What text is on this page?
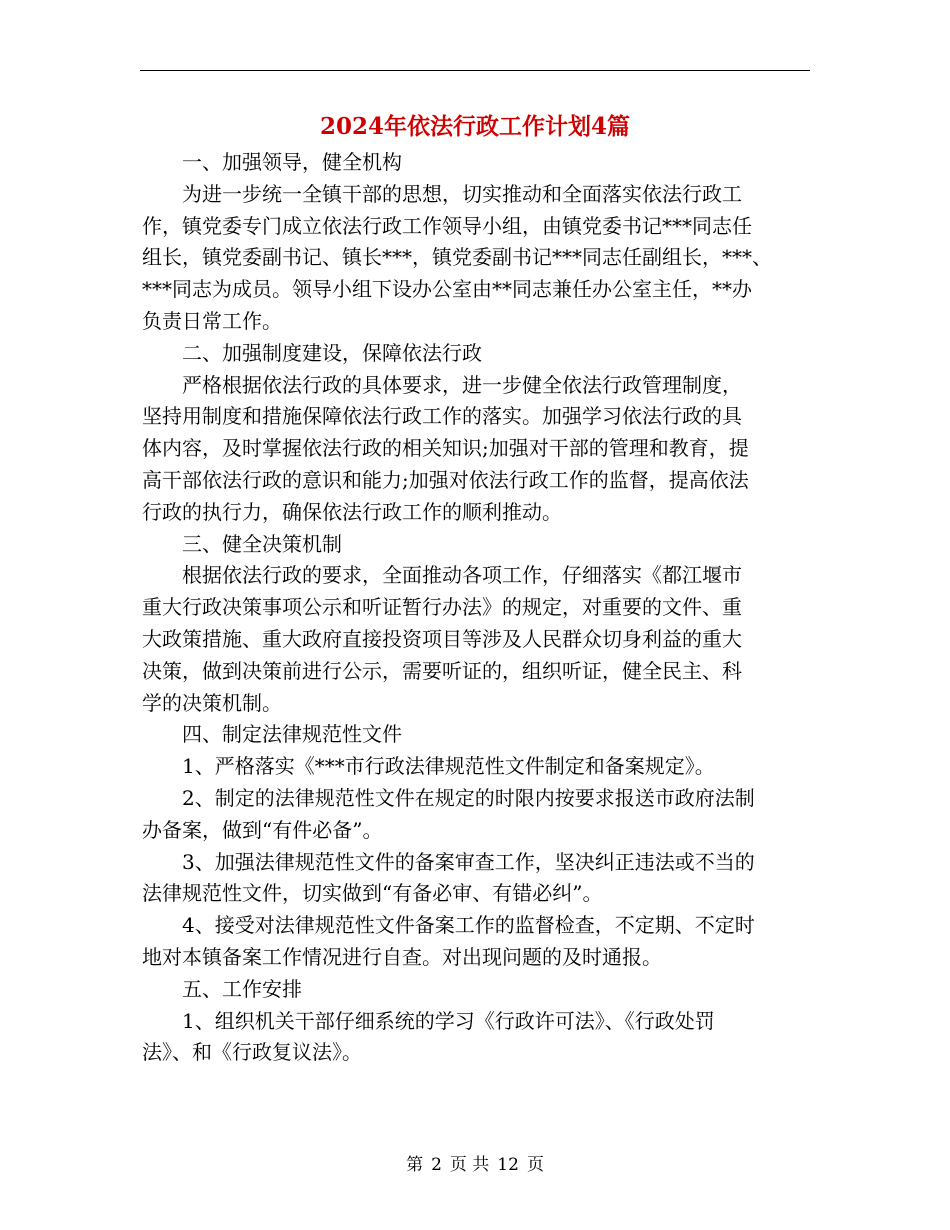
2024年依法行政工作计划4篇

一、加强领导，健全机构

为进一步统一全镇干部的思想，切实推动和全面落实依法行政工
作，镇党委专门成立依法行政工作领导小组，由镇党委书记***同志任
组长，镇党委副书记、镇长***，镇党委副书记***同志任副组长，***、
***同志为成员。领导小组下设办公室由**同志兼任办公室主任，**办
负责日常工作。

二、加强制度建设，保障依法行政

严格根据依法行政的具体要求，进一步健全依法行政管理制度，
坚持用制度和措施保障依法行政工作的落实。加强学习依法行政的具
体内容，及时掌握依法行政的相关知识;加强对干部的管理和教育，提
高干部依法行政的意识和能力;加强对依法行政工作的监督，提高依法
行政的执行力，确保依法行政工作的顺利推动。

三、健全决策机制

根据依法行政的要求，全面推动各项工作，仔细落实《都江堰市
重大行政决策事项公示和听证暂行办法》的规定，对重要的文件、重
大政策措施、重大政府直接投资项目等涉及人民群众切身利益的重大
决策，做到决策前进行公示，需要听证的，组织听证，健全民主、科
学的决策机制。

四、制定法律规范性文件

1、严格落实《***市行政法律规范性文件制定和备案规定》。

2、制定的法律规范性文件在规定的时限内按要求报送市政府法制
办备案，做到“有件必备”。

3、加强法律规范性文件的备案审查工作，坚决纠正违法或不当的
法律规范性文件，切实做到“有备必审、有错必纠”。

4、接受对法律规范性文件备案工作的监督检查，不定期、不定时
地对本镇备案工作情况进行自查。对出现问题的及时通报。

五、工作安排

1、组织机关干部仔细系统的学习《行政许可法》、《行政处罚
法》、和《行政复议法》。

第 2 页 共 12 页
